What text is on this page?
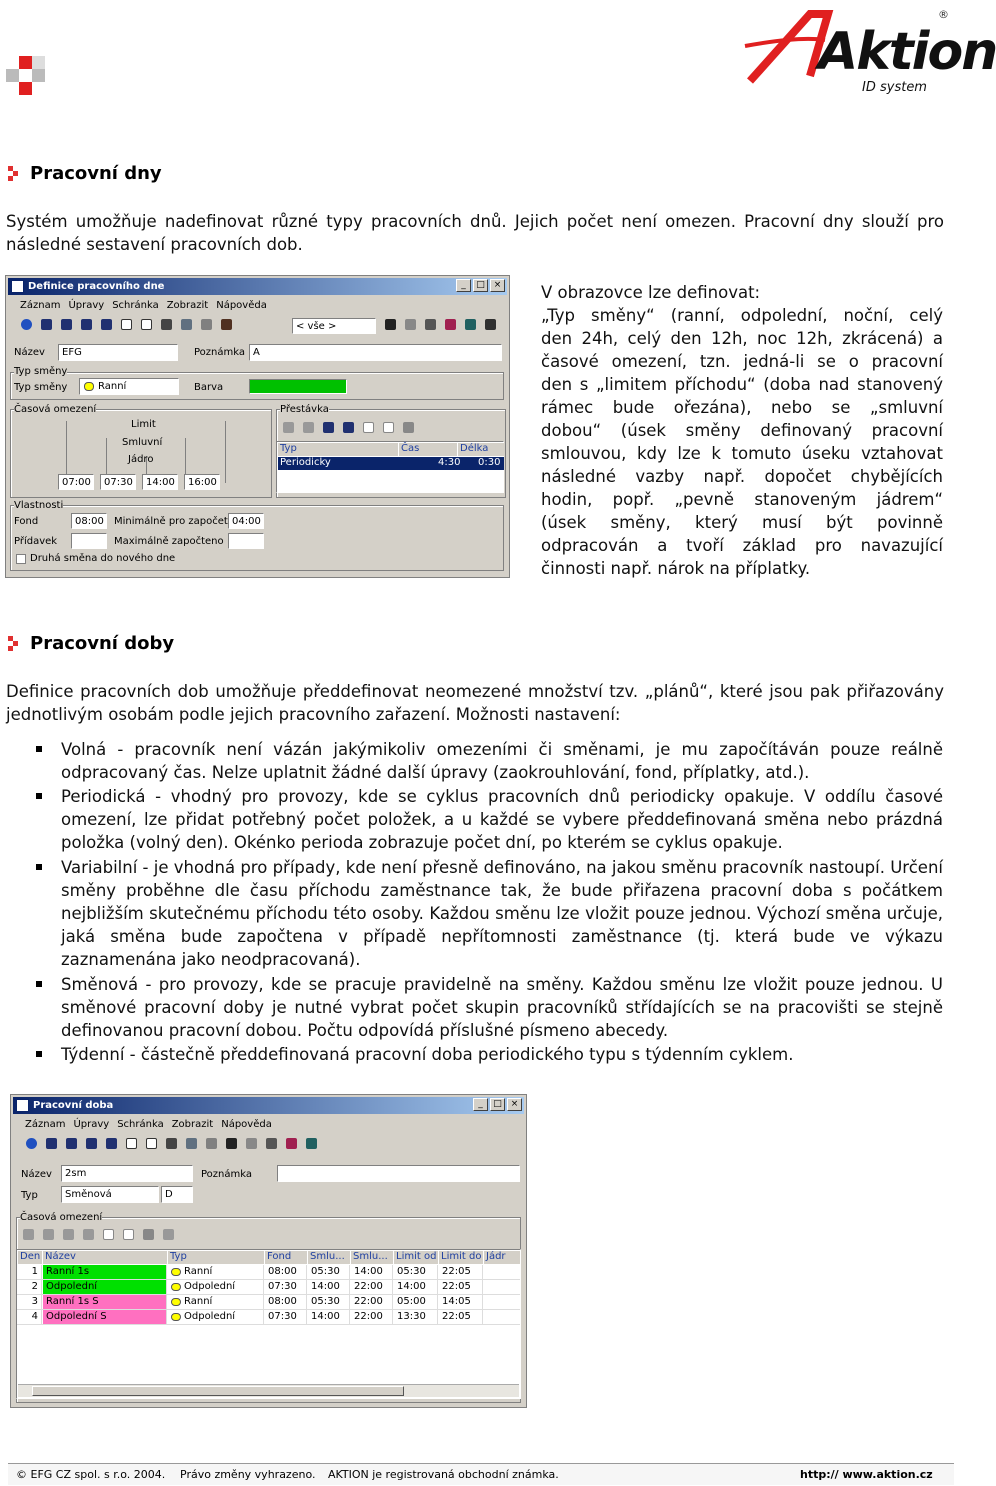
Aktion
ID system
®
Pracovní dny
Systém umožňuje nadefinovat různé typy pracovních dnů. Jejich počet není omezen. Pracovní dny slouží pro následné sestavení pracovních dob.
V obrazovce lze definovat:
„Typ směny“ (ranní, odpolední, noční, celý
den 24h, celý den 12h, noc 12h, zkrácená) a
časové omezení, tzn. jedná-li se o pracovní
den s „limitem příchodu“ (doba nad stanovený
rámec bude ořezána), nebo se „smluvní
dobou“ (úsek směny definovaný pracovní
smlouvou, kdy lze k tomuto úseku vztahovat
následné vazby např. dopočet chybějících
hodin, popř. „pevně stanoveným jádrem“
(úsek směny, který musí být povinně
odpracován a tvoří základ pro navazující
činnosti např. nárok na příplatky.
Definice pracovního dne	_	□ ×
Záznam Úpravy Schránka Zobrazit Nápověda
< vše >
Název	EFG	Poznámka A
Typ směny
Typ směny	Ranní	Barva
Časová omezení
Limit
Smluvní
Jádro
07:00	07:30	14:00	16:00
Přestávka
Typ	Čas	Délka
Periodicky	4:30 0:30
Vlastnosti
Fond	08:00	Minimálně pro započet 04:00
Přídavek	Maximálně započteno
Druhá směna do nového dne
Pracovní doby
Definice pracovních dob umožňuje předdefinovat neomezené množství tzv. „plánů“, které jsou pak přiřazovány jednotlivým osobám podle jejich pracovního zařazení. Možnosti nastavení:
Volná - pracovník není vázán jakýmikoliv omezeními či směnami, je mu započítáván pouze reálně odpracovaný čas. Nelze uplatnit žádné další úpravy (zaokrouhlování, fond, příplatky, atd.).
Periodická - vhodný pro provozy, kde se cyklus pracovních dnů periodicky opakuje. V oddílu časové omezení, lze přidat potřebný počet položek, a u každé se vybere předdefinovaná směna nebo prázdná položka (volný den). Okénko perioda zobrazuje počet dní, po kterém se cyklus opakuje.
Variabilní - je vhodná pro případy, kde není přesně definováno, na jakou směnu pracovník nastoupí. Určení směny proběhne dle času příchodu zaměstnance tak, že bude přiřazena pracovní doba s počátkem nejbližším skutečnému příchodu této osoby. Každou směnu lze vložit pouze jednou. Výchozí směna určuje, jaká směna bude započtena v případě nepřítomnosti zaměstnance (tj. která bude ve výkazu zaznamenána jako neodpracovaná).
Směnová - pro provozy, kde se pracuje pravidelně na směny. Každou směnu lze vložit pouze jednou. U směnové pracovní doby je nutné vybrat počet skupin pracovníků střídajících se na pracovišti se stejně definovanou pracovní dobou. Počtu odpovídá příslušné písmeno abecedy.
Týdenní - částečně předdefinovaná pracovní doba periodického typu s týdenním cyklem.
Pracovní doba	_	□ ×
Záznam Úpravy Schránka Zobrazit Nápověda
Název	2sm	Poznámka
Typ	Směnová	D
Časová omezení
Den Název	Typ	Fond	Smlu... Smlu... Limit od Limit do Jádr
1 Ranní 1s	Ranní	08:00	05:30	14:00	05:30	22:05
2 Odpolední	Odpolední	07:30	14:00	22:00	14:00	22:05
3 Ranní 1s S	Ranní	08:00	05:30	22:00	05:00	14:05
4 Odpolední S	Odpolední	07:30	14:00	22:00	13:30	22:05
© EFG CZ spol. s r.o. 2004. Právo změny vyhrazeno. AKTION je registrovaná obchodní známka.	http:// www.aktion.cz
